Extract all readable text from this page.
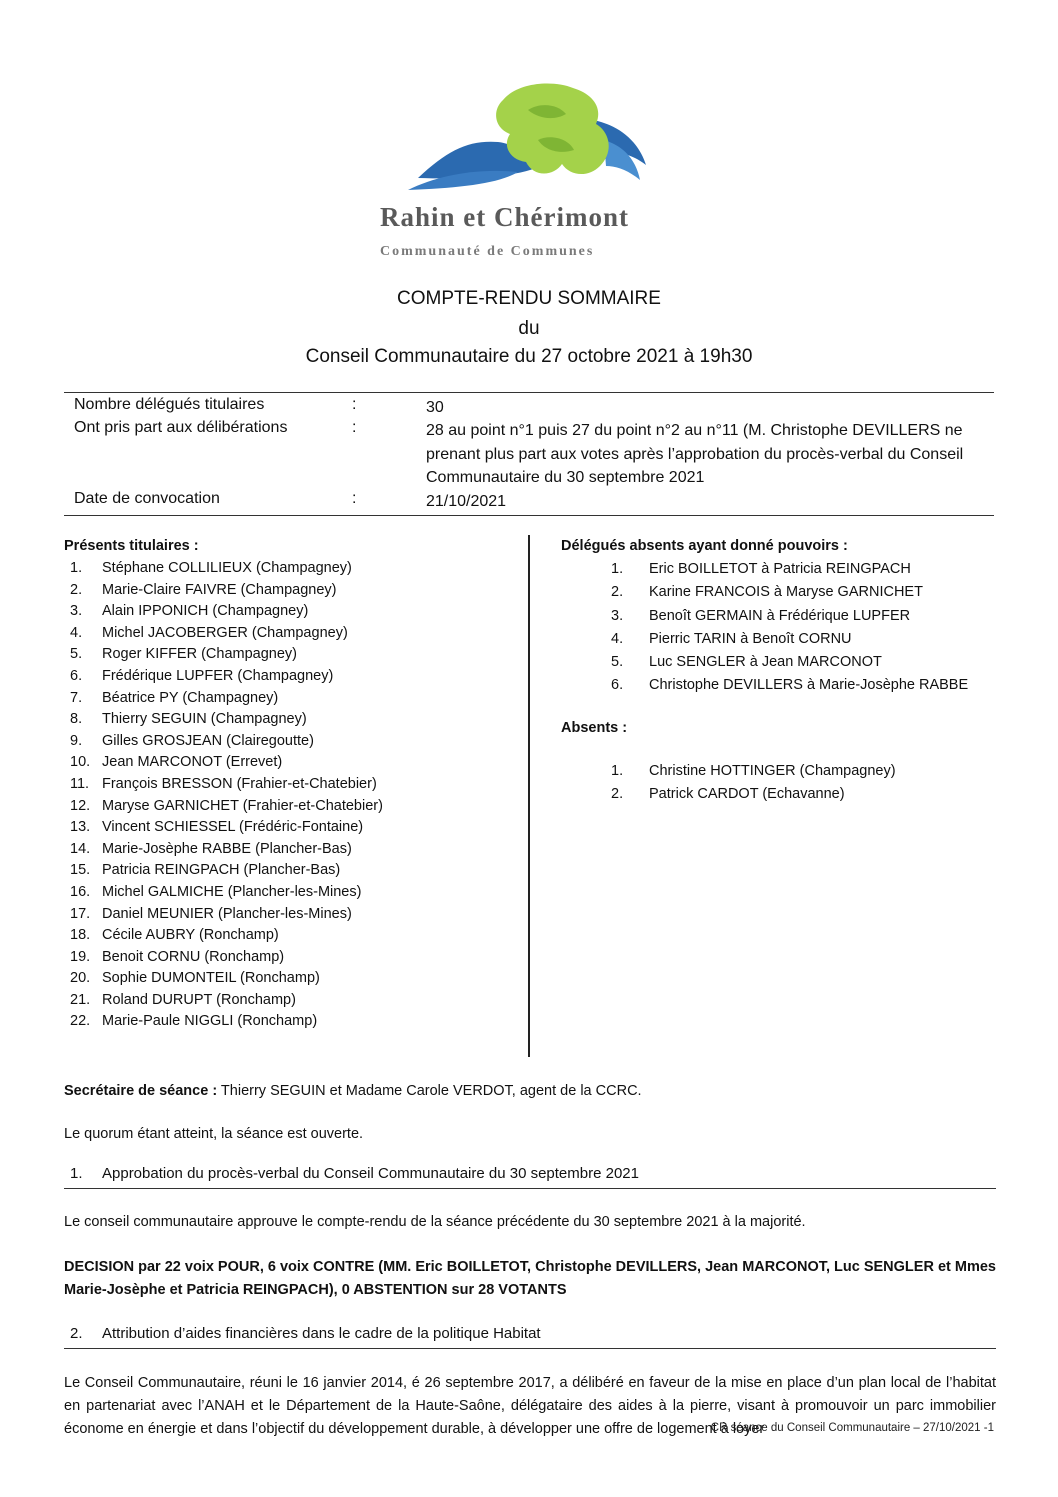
Rahin et Chérimont
Communauté de Communes
COMPTE-RENDU SOMMAIRE
du
Conseil Communautaire du 27 octobre 2021 à 19h30
Nombre délégués titulaires	:	30
Ont pris part aux délibérations	:	28 au point n°1 puis 27 du point n°2 au n°11 (M. Christophe DEVILLERS ne prenant plus part aux votes après l’approbation du procès-verbal du Conseil Communautaire du 30 septembre 2021
Date de convocation	:	21/10/2021

Présents titulaires :

1. Stéphane COLLILIEUX (Champagney)
2. Marie-Claire FAIVRE (Champagney)
3. Alain IPPONICH (Champagney)
4. Michel JACOBERGER (Champagney)
5. Roger KIFFER (Champagney)
6. Frédérique LUPFER (Champagney)
7. Béatrice PY (Champagney)
8. Thierry SEGUIN (Champagney)
9. Gilles GROSJEAN (Clairegoutte)
10. Jean MARCONOT (Errevet)
11. François BRESSON (Frahier-et-Chatebier)
12. Maryse GARNICHET (Frahier-et-Chatebier)
13. Vincent SCHIESSEL (Frédéric-Fontaine)
14. Marie-Josèphe RABBE (Plancher-Bas)
15. Patricia REINGPACH (Plancher-Bas)
16. Michel GALMICHE (Plancher-les-Mines)
17. Daniel MEUNIER (Plancher-les-Mines)
18. Cécile AUBRY (Ronchamp)
19. Benoit CORNU (Ronchamp)
20. Sophie DUMONTEIL (Ronchamp)
21. Roland DURUPT (Ronchamp)
22. Marie-Paule NIGGLI (Ronchamp)

Délégués absents ayant donné pouvoirs :

1. Eric BOILLETOT à Patricia REINGPACH
2. Karine FRANCOIS à Maryse GARNICHET
3. Benoît GERMAIN à Frédérique LUPFER
4. Pierric TARIN à Benoît CORNU
5. Luc SENGLER à Jean MARCONOT
6. Christophe DEVILLERS à Marie-Josèphe RABBE

Absents :

1. Christine HOTTINGER (Champagney)
2. Patrick CARDOT (Echavanne)
Secrétaire de séance : Thierry SEGUIN et Madame Carole VERDOT, agent de la CCRC.
Le quorum étant atteint, la séance est ouverte.
1. Approbation du procès-verbal du Conseil Communautaire du 30 septembre 2021
Le conseil communautaire approuve le compte-rendu de la séance précédente du 30 septembre 2021 à la majorité.
DECISION par 22 voix POUR, 6 voix CONTRE (MM. Eric BOILLETOT, Christophe DEVILLERS, Jean MARCONOT, Luc SENGLER et Mmes Marie-Josèphe et Patricia REINGPACH), 0 ABSTENTION sur 28 VOTANTS
2. Attribution d’aides financières dans le cadre de la politique Habitat
Le Conseil Communautaire, réuni le 16 janvier 2014, é 26 septembre 2017, a délibéré en faveur de la mise en place d’un plan local de l’habitat en partenariat avec l’ANAH et le Département de la Haute-Saône, délégataire des aides à la pierre, visant à promouvoir un parc immobilier économe en énergie et dans l’objectif du développement durable, à développer une offre de logement à loyer
CR séance du Conseil Communautaire – 27/10/2021 -1
